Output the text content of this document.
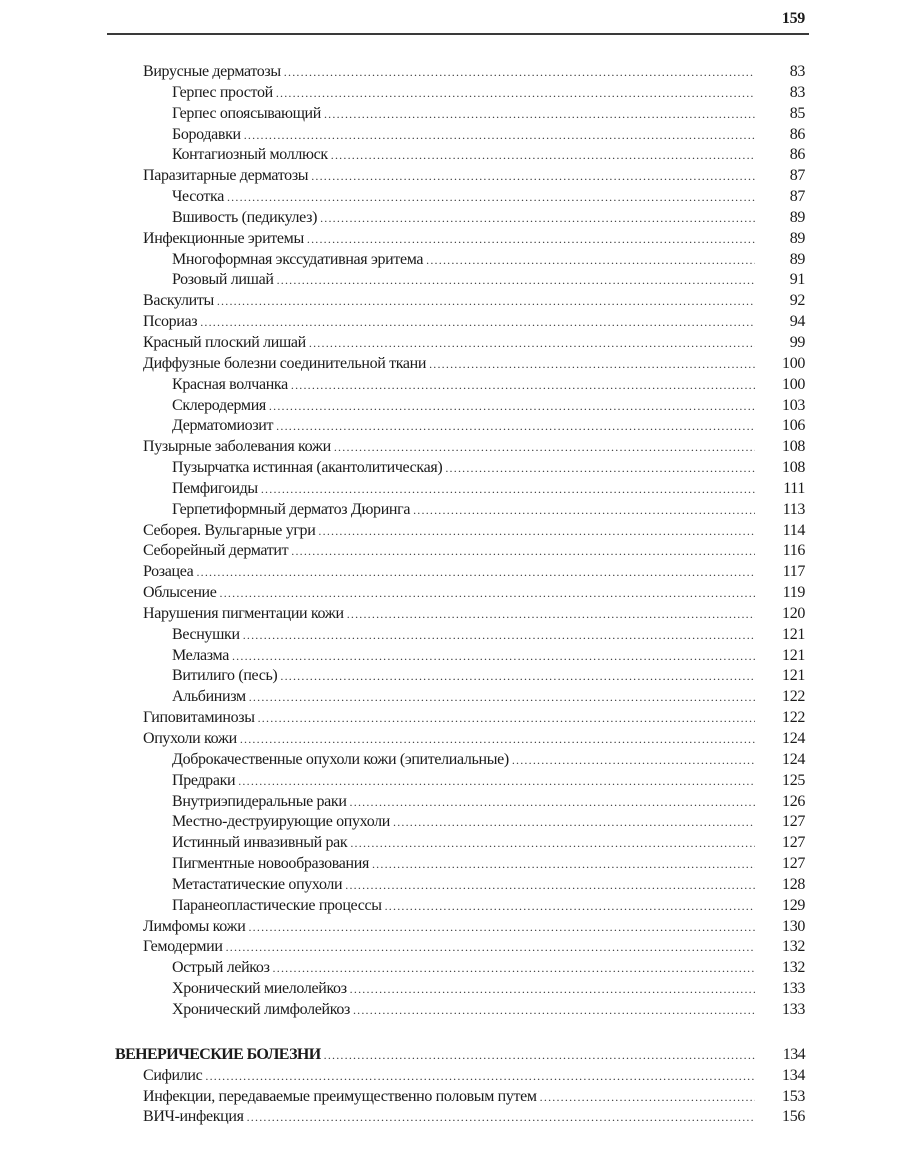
159
Вирусные дерматозы .....	83
Герпес простой .....	83
Герпес опоясывающий .....	85
Бородавки .....	86
Контагиозный моллюск .....	86
Паразитарные дерматозы .....	87
Чесотка .....	87
Вшивость (педикулез) .....	89
Инфекционные эритемы .....	89
Многоформная экссудативная эритема .....	89
Розовый лишай .....	91
Васкулиты .....	92
Псориаз .....	94
Красный плоский лишай .....	99
Диффузные болезни соединительной ткани .....	100
Красная волчанка .....	100
Склеродермия .....	103
Дерматомиозит .....	106
Пузырные заболевания кожи .....	108
Пузырчатка истинная (акантолитическая) .....	108
Пемфигоиды .....	111
Герпетиформный дерматоз Дюринга .....	113
Себорея. Вульгарные угри .....	114
Себорейный дерматит .....	116
Розацеа .....	117
Облысение .....	119
Нарушения пигментации кожи .....	120
Веснушки .....	121
Мелазма .....	121
Витилиго (песь) .....	121
Альбинизм .....	122
Гиповитаминозы .....	122
Опухоли кожи .....	124
Доброкачественные опухоли кожи (эпителиальные) .....	124
Предраки .....	125
Внутриэпидеральные раки .....	126
Местно-деструирующие опухоли .....	127
Истинный инвазивный рак .....	127
Пигментные новообразования .....	127
Метастатические опухоли .....	128
Паранеопластические процессы .....	129
Лимфомы кожи .....	130
Гемодермии .....	132
Острый лейкоз .....	132
Хронический миелолейкоз .....	133
Хронический лимфолейкоз .....	133
ВЕНЕРИЧЕСКИЕ БОЛЕЗНИ .....	134
Сифилис .....	134
Инфекции, передаваемые преимущественно половым путем .....	153
ВИЧ-инфекция .....	156
